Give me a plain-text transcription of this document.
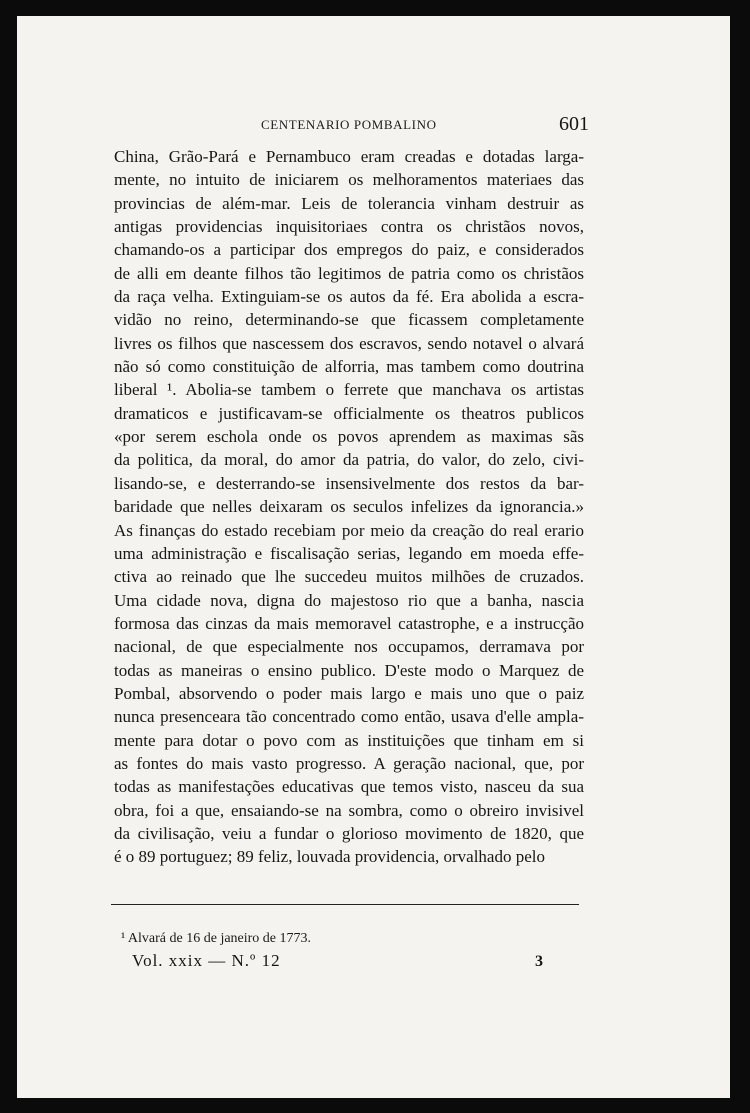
CENTENARIO POMBALINO	601
China, Grão-Pará e Pernambuco eram creadas e dotadas larga-
mente, no intuito de iniciarem os melhoramentos materiaes das
provincias de além-mar. Leis de tolerancia vinham destruir as
antigas providencias inquisitoriaes contra os christãos novos,
chamando-os a participar dos empregos do paiz, e considerados
de alli em deante filhos tão legitimos de patria como os christãos
da raça velha. Extinguiam-se os autos da fé. Era abolida a escra-
vidão no reino, determinando-se que ficassem completamente
livres os filhos que nascessem dos escravos, sendo notavel o alvará
não só como constituição de alforria, mas tambem como doutrina
liberal ¹. Abolia-se tambem o ferrete que manchava os artistas
dramaticos e justificavam-se officialmente os theatros publicos
«por serem eschola onde os povos aprendem as maximas sãs
da politica, da moral, do amor da patria, do valor, do zelo, civi-
lisando-se, e desterrando-se insensivelmente dos restos da bar-
baridade que nelles deixaram os seculos infelizes da ignorancia.»
As finanças do estado recebiam por meio da creação do real erario
uma administração e fiscalisação serias, legando em moeda effe-
ctiva ao reinado que lhe succedeu muitos milhões de cruzados.
Uma cidade nova, digna do majestoso rio que a banha, nascia
formosa das cinzas da mais memoravel catastrophe, e a instrucção
nacional, de que especialmente nos occupamos, derramava por
todas as maneiras o ensino publico. D'este modo o Marquez de
Pombal, absorvendo o poder mais largo e mais uno que o paiz
nunca presenceara tão concentrado como então, usava d'elle ampla-
mente para dotar o povo com as instituições que tinham em si
as fontes do mais vasto progresso. A geração nacional, que, por
todas as manifestações educativas que temos visto, nasceu da sua
obra, foi a que, ensaiando-se na sombra, como o obreiro invisivel
da civilisação, veiu a fundar o glorioso movimento de 1820, que
é o 89 portuguez; 89 feliz, louvada providencia, orvalhado pelo
¹ Alvará de 16 de janeiro de 1773.
Vol. xxix — N.º 12	3
